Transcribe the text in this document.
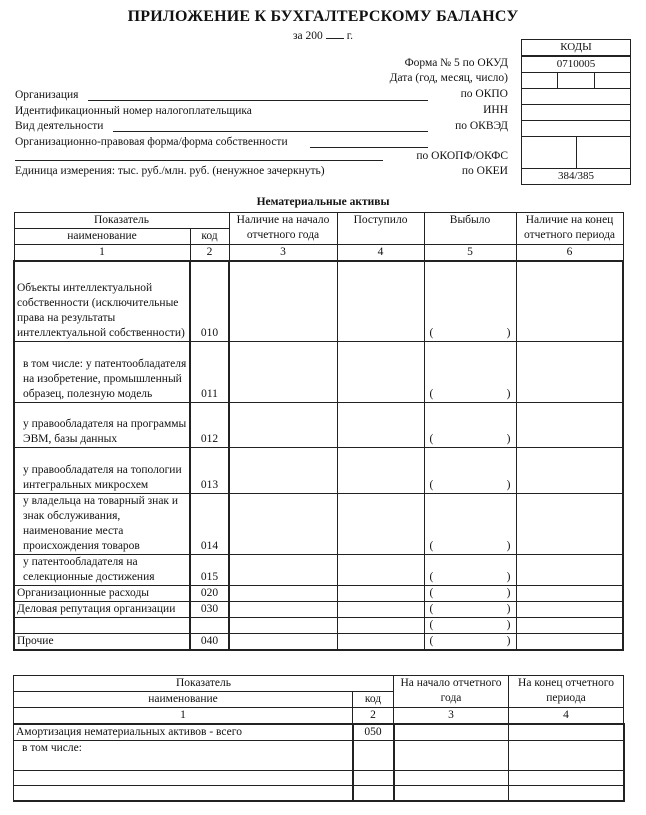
ПРИЛОЖЕНИЕ К БУХГАЛТЕРСКОМУ БАЛАНСУ
за 200 г.
Форма № 5 по ОКУД
Дата (год, месяц, число)
по ОКПО
ИНН
по ОКВЭД
по ОКОПФ/ОКФС
по ОКЕИ
Организация
Идентификационный номер налогоплательщика
Вид деятельности
Организационно-правовая форма/форма собственности
Единица измерения: тыс. руб./млн. руб. (ненужное зачеркнуть)
КОДЫ
0710005
384/385
Нематериальные активы
Показатель		Наличие на начало отчетного года	Поступило	Выбыло	Наличие на конец отчетного периода
наименование	код				
1	2	3	4	5	6
Объекты интеллектуальной собственности (исключительные права на результаты интеллектуальной собственности)	010			( )	

в том числе: у патентообладателя на изобретение, промышленный образец, полезную модель	011			( )	

у правообладателя на программы ЭВМ, базы данных	012			( )	

у правообладателя на топологии интегральных микросхем	013			( )	

у владельца на товарный знак и знак обслуживания, наименование места происхождения товаров	014			( )	

у патентообладателя на селекционные достижения	015			( )	

Организационные расходы	020			( )	

Деловая репутация организации	030			( )	

				( )	

Прочие	040			( )	

Показатель		На начало отчетного года	На конец отчетного периода
наименование	код		
1	2	3	4
Амортизация нематериальных активов - всего	050		
в том числе:			
